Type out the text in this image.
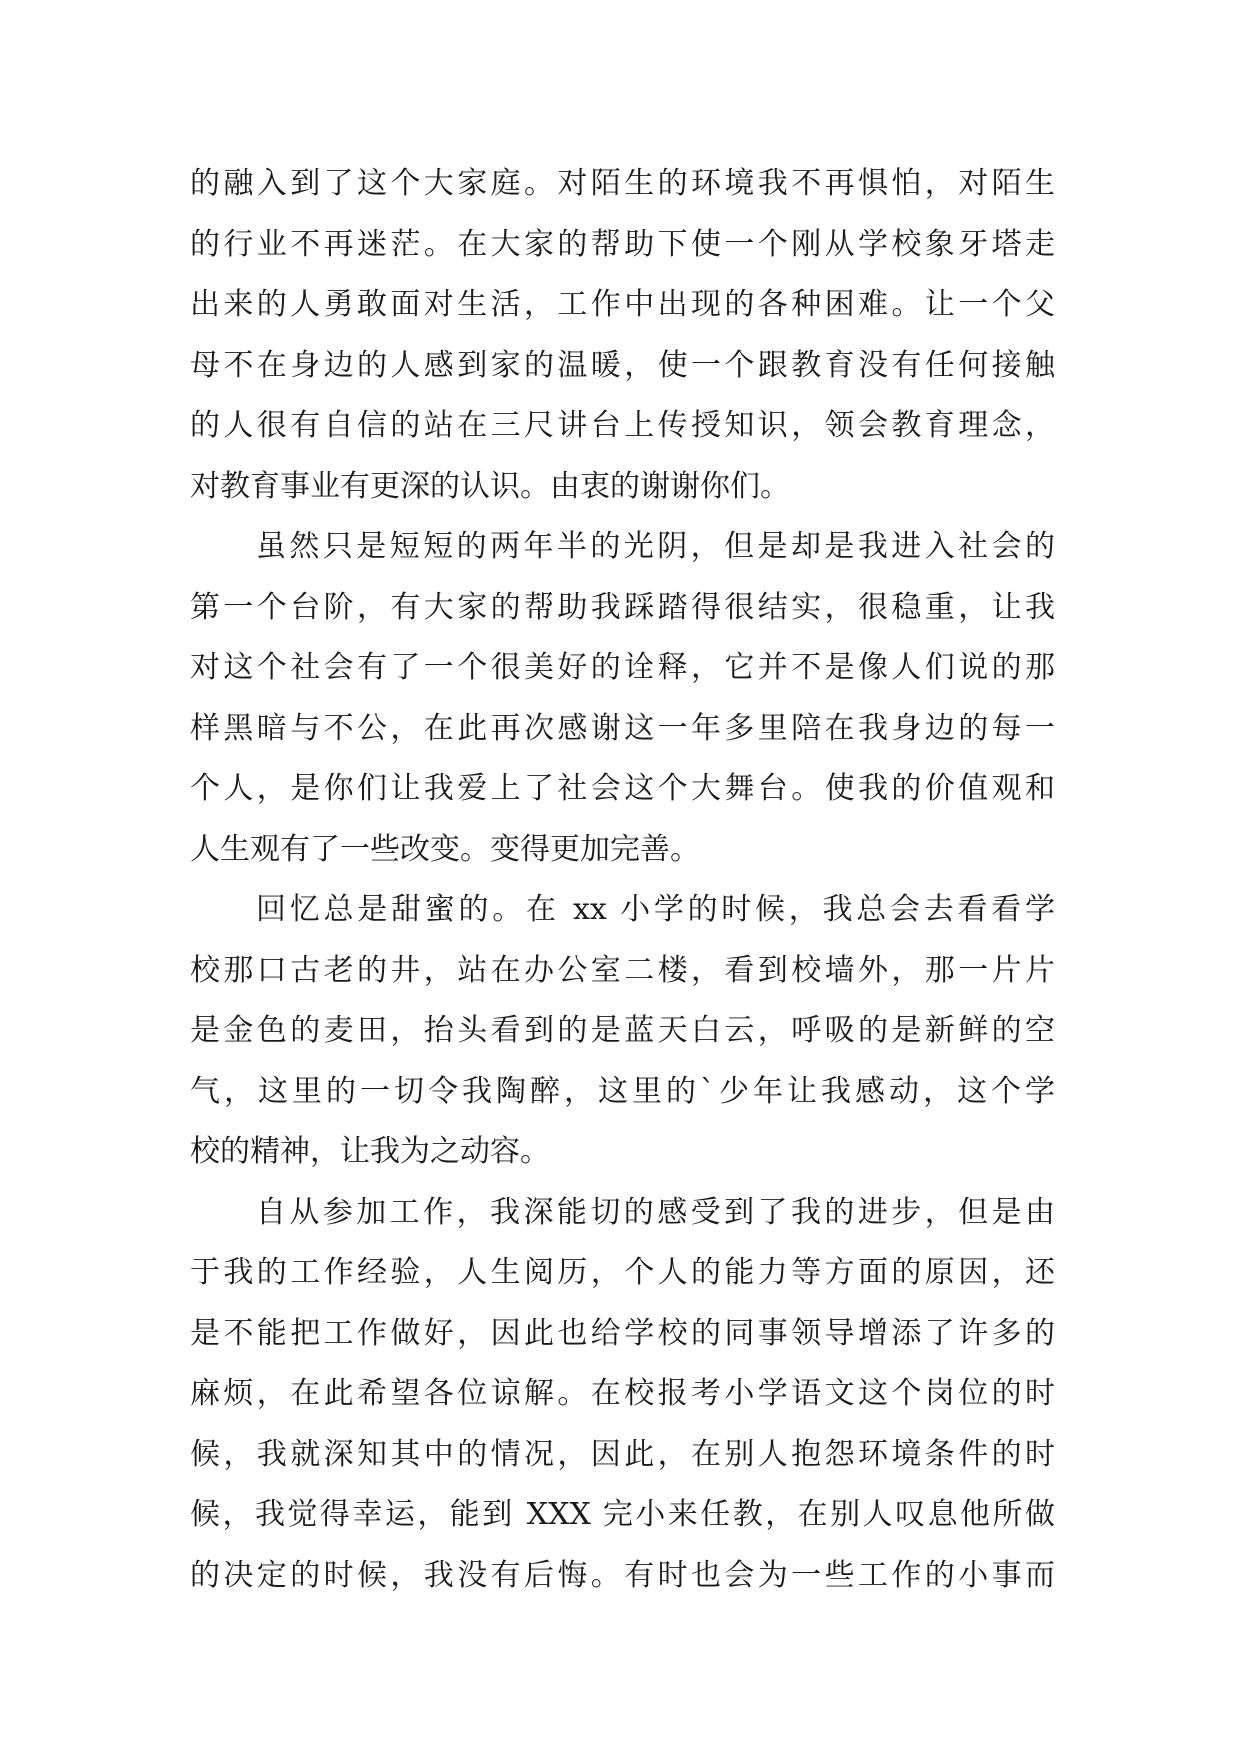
的融入到了这个大家庭。对陌生的环境我不再惧怕，对陌生
的行业不再迷茫。在大家的帮助下使一个刚从学校象牙塔走
出来的人勇敢面对生活，工作中出现的各种困难。让一个父
母不在身边的人感到家的温暖，使一个跟教育没有任何接触
的人很有自信的站在三尺讲台上传授知识，领会教育理念，
对教育事业有更深的认识。由衷的谢谢你们。
虽然只是短短的两年半的光阴，但是却是我进入社会的
第一个台阶，有大家的帮助我踩踏得很结实，很稳重，让我
对这个社会有了一个很美好的诠释，它并不是像人们说的那
样黑暗与不公，在此再次感谢这一年多里陪在我身边的每一
个人，是你们让我爱上了社会这个大舞台。使我的价值观和
人生观有了一些改变。变得更加完善。
回忆总是甜蜜的。在 xx 小学的时候，我总会去看看学
校那口古老的井，站在办公室二楼，看到校墙外，那一片片
是金色的麦田，抬头看到的是蓝天白云，呼吸的是新鲜的空
气，这里的一切令我陶醉，这里的`少年让我感动，这个学
校的精神，让我为之动容。
自从参加工作，我深能切的感受到了我的进步，但是由
于我的工作经验，人生阅历，个人的能力等方面的原因，还
是不能把工作做好，因此也给学校的同事领导增添了许多的
麻烦，在此希望各位谅解。在校报考小学语文这个岗位的时
候，我就深知其中的情况，因此，在别人抱怨环境条件的时
候，我觉得幸运，能到 XXX 完小来任教，在别人叹息他所做
的决定的时候，我没有后悔。有时也会为一些工作的小事而
